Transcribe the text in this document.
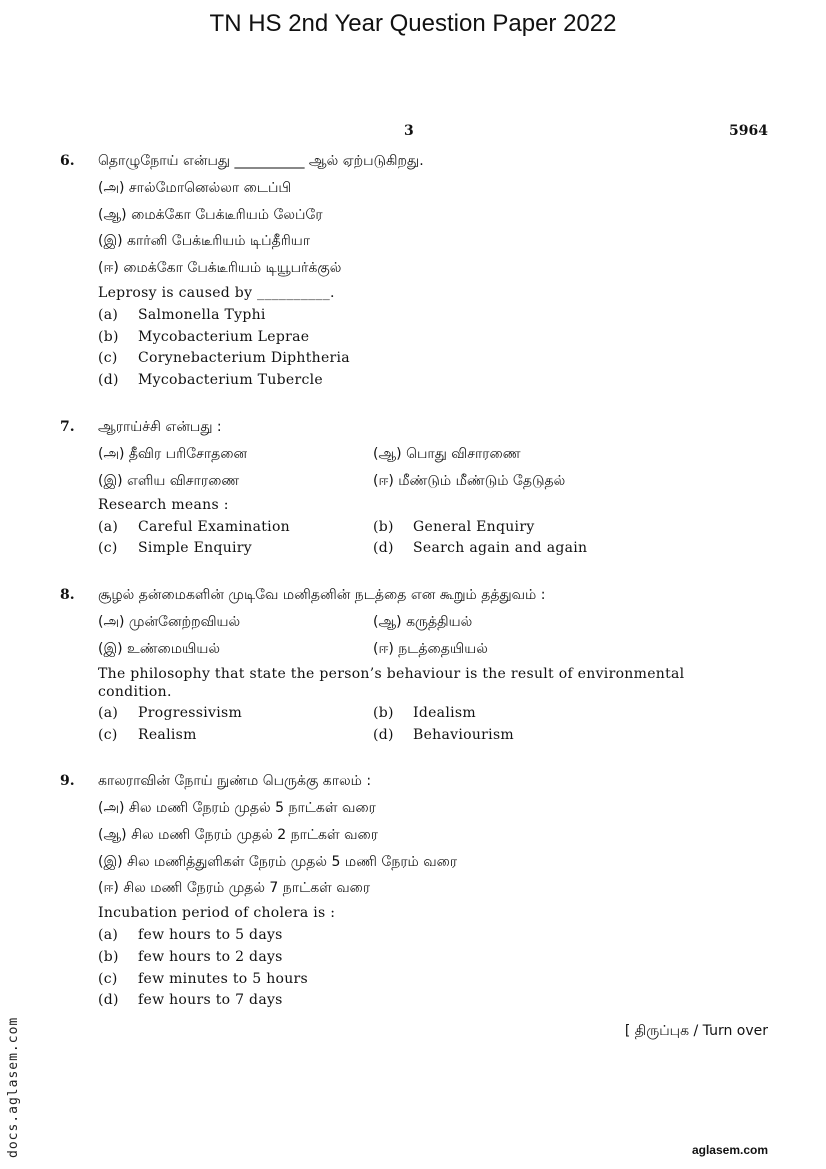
TN HS 2nd Year Question Paper 2022
3	5964
6. தொழுநோய் என்பது __________ ஆல் ஏற்படுகிறது.
(அ) சால்மோனெல்லா டைப்பி
(ஆ) மைக்கோ பேக்டீரியம் லேப்ரே
(இ) கார்னி பேக்டீரியம் டிப்தீரியா
(ஈ) மைக்கோ பேக்டீரியம் டியூபர்க்குல்
Leprosy is caused by __________.
(a) Salmonella Typhi
(b) Mycobacterium Leprae
(c) Corynebacterium Diphtheria
(d) Mycobacterium Tubercle
7. ஆராய்ச்சி என்பது :
(அ) தீவிர பரிசோதனை	(ஆ) பொது விசாரணை
(இ) எளிய விசாரணை	(ஈ) மீண்டும் மீண்டும் தேடுதல்
Research means :
(a) Careful Examination	(b) General Enquiry
(c) Simple Enquiry	(d) Search again and again
8. சூழல் தன்மைகளின் முடிவே மனிதனின் நடத்தை என கூறும் தத்துவம் :
(அ) முன்னேற்றவியல்	(ஆ) கருத்தியல்
(இ) உண்மையியல்	(ஈ) நடத்தையியல்
The philosophy that state the person’s behaviour is the result of environmental condition.
(a) Progressivism	(b) Idealism
(c) Realism	(d) Behaviourism
9. காலராவின் நோய் நுண்ம பெருக்கு காலம் :
(அ) சில மணி நேரம் முதல் 5 நாட்கள் வரை
(ஆ) சில மணி நேரம் முதல் 2 நாட்கள் வரை
(இ) சில மணித்துளிகள் நேரம் முதல் 5 மணி நேரம் வரை
(ஈ) சில மணி நேரம் முதல் 7 நாட்கள் வரை
Incubation period of cholera is :
(a) few hours to 5 days
(b) few hours to 2 days
(c) few minutes to 5 hours
(d) few hours to 7 days
[ திருப்புக / Turn over
docs.aglasem.com	aglasem.com
